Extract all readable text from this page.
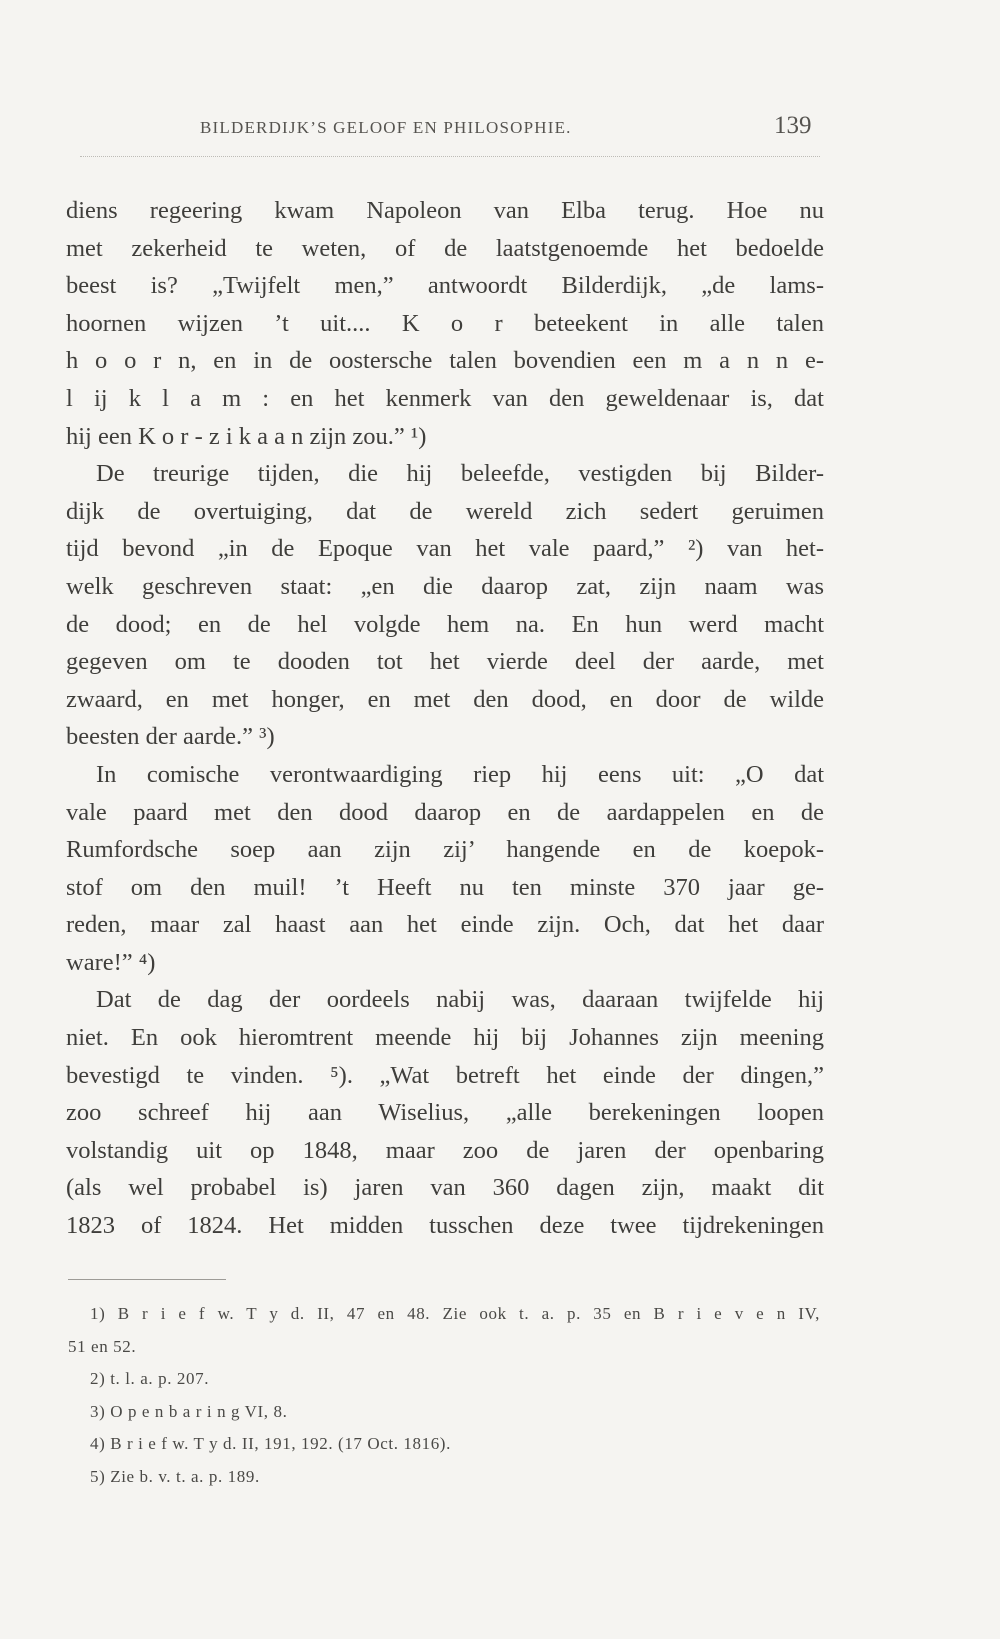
BILDERDIJK’S GELOOF EN PHILOSOPHIE.	139
diens regeering kwam Napoleon van Elba terug. Hoe nu
met zekerheid te weten, of de laatstgenoemde het bedoelde
beest is? „Twijfelt men,” antwoordt Bilderdijk, „de lams-
hoornen wijzen ’t uit.... K o r beteekent in alle talen
h o o r n, en in de oostersche talen bovendien een m a n n e-
l ij k l a m : en het kenmerk van den geweldenaar is, dat
hij een K o r - z i k a a n zijn zou.” ¹)
De treurige tijden, die hij beleefde, vestigden bij Bilder-
dijk de overtuiging, dat de wereld zich sedert geruimen
tijd bevond „in de Epoque van het vale paard,” ²) van het-
welk geschreven staat: „en die daarop zat, zijn naam was
de dood; en de hel volgde hem na. En hun werd macht
gegeven om te dooden tot het vierde deel der aarde, met
zwaard, en met honger, en met den dood, en door de wilde
beesten der aarde.” ³)
In comische verontwaardiging riep hij eens uit: „O dat
vale paard met den dood daarop en de aardappelen en de
Rumfordsche soep aan zijn zij’ hangende en de koepok-
stof om den muil! ’t Heeft nu ten minste 370 jaar ge-
reden, maar zal haast aan het einde zijn. Och, dat het daar
ware!” ⁴)
Dat de dag der oordeels nabij was, daaraan twijfelde hij
niet. En ook hieromtrent meende hij bij Johannes zijn meening
bevestigd te vinden. ⁵). „Wat betreft het einde der dingen,”
zoo schreef hij aan Wiselius, „alle berekeningen loopen
volstandig uit op 1848, maar zoo de jaren der openbaring
(als wel probabel is) jaren van 360 dagen zijn, maakt dit
1823 of 1824. Het midden tusschen deze twee tijdrekeningen
1) B r i e f w. T y d. II, 47 en 48. Zie ook t. a. p. 35 en B r i e v e n IV,
51 en 52.
2) t. l. a. p. 207.
3) O p e n b a r i n g VI, 8.
4) B r i e f w. T y d. II, 191, 192. (17 Oct. 1816).
5) Zie b. v. t. a. p. 189.
